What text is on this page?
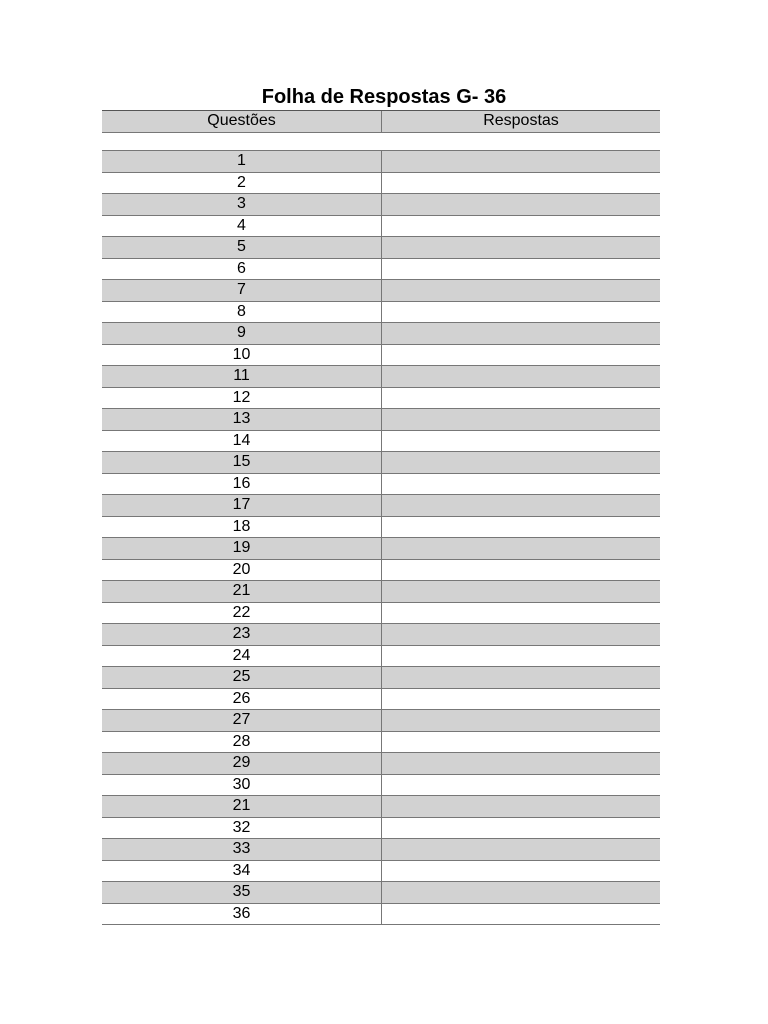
Folha de Respostas G- 36
Questões	Respostas
1
2
3
4
5
6
7
8
9
10
11
12
13
14
15
16
17
18
19
20
21
22
23
24
25
26
27
28
29
30
21
32
33
34
35
36
